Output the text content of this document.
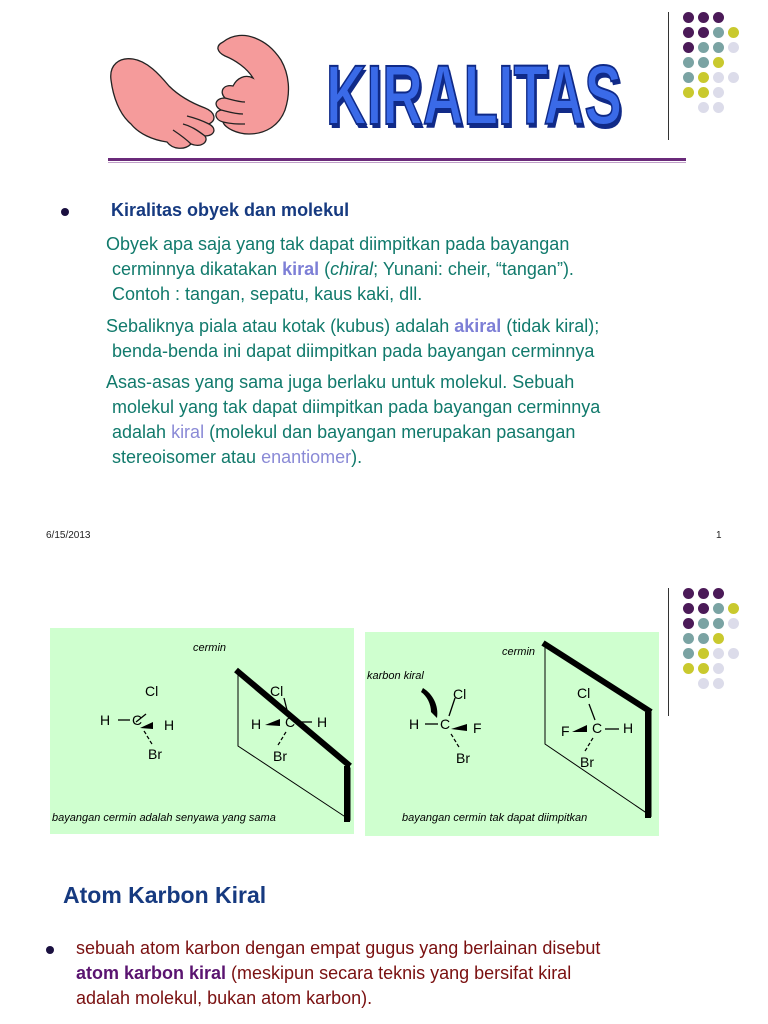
KIRALITAS
KIRALITAS
Kiralitas obyek dan molekul
Obyek apa saja yang tak dapat diimpitkan pada bayangan
cerminnya dikatakan kiral (chiral; Yunani: cheir, “tangan”).
Contoh : tangan, sepatu, kaus kaki, dll.
Sebaliknya piala atau kotak (kubus) adalah akiral (tidak kiral);
benda-benda ini dapat diimpitkan pada bayangan cerminnya
Asas-asas yang sama juga berlaku untuk molekul. Sebuah
molekul yang tak dapat diimpitkan pada bayangan cerminnya
adalah kiral (molekul dan bayangan merupakan pasangan
stereoisomer atau enantiomer).
6/15/2013	1
cermin
Cl
H C H
Br
Cl
H C H
Br
bayangan cermin adalah senyawa yang sama
cermin
karbon kiral
Cl
H C F
Br
Cl
F C H
Br
bayangan cermin tak dapat diimpitkan
Atom Karbon Kiral
sebuah atom karbon dengan empat gugus yang berlainan disebut
atom karbon kiral (meskipun secara teknis yang bersifat kiral
adalah molekul, bukan atom karbon).
